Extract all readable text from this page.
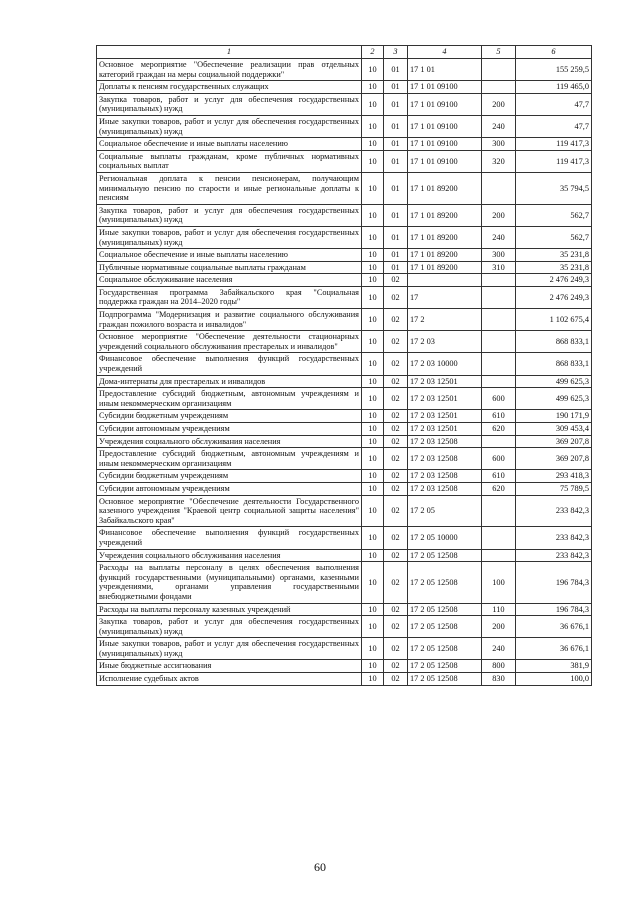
1	2	3	4	5	6
Основное мероприятие "Обеспечение реализации прав отдельных категорий граждан на меры социальной поддержки"	10	01	17 1 01		155 259,5
Доплаты к пенсиям государственных служащих	10	01	17 1 01 09100		119 465,0
Закупка товаров, работ и услуг для обеспечения государственных (муниципальных) нужд	10	01	17 1 01 09100	200	47,7
Иные закупки товаров, работ и услуг для обеспечения государственных (муниципальных) нужд	10	01	17 1 01 09100	240	47,7
Социальное обеспечение и иные выплаты населению	10	01	17 1 01 09100	300	119 417,3
Социальные выплаты гражданам, кроме публичных нормативных социальных выплат	10	01	17 1 01 09100	320	119 417,3
Региональная доплата к пенсии пенсионерам, получающим минимальную пенсию по старости и иные региональные доплаты к пенсиям	10	01	17 1 01 89200		35 794,5
Закупка товаров, работ и услуг для обеспечения государственных (муниципальных) нужд	10	01	17 1 01 89200	200	562,7
Иные закупки товаров, работ и услуг для обеспечения государственных (муниципальных) нужд	10	01	17 1 01 89200	240	562,7
Социальное обеспечение и иные выплаты населению	10	01	17 1 01 89200	300	35 231,8
Публичные нормативные социальные выплаты гражданам	10	01	17 1 01 89200	310	35 231,8
Социальное обслуживание населения	10	02			2 476 249,3
Государственная программа Забайкальского края "Социальная поддержка граждан на 2014–2020 годы"	10	02	17		2 476 249,3
Подпрограмма "Модернизация и развитие социального обслуживания граждан пожилого возраста и инвалидов"	10	02	17 2		1 102 675,4
Основное мероприятие "Обеспечение деятельности стационарных учреждений социального обслуживания престарелых и инвалидов"	10	02	17 2 03		868 833,1
Финансовое обеспечение выполнения функций государственных учреждений	10	02	17 2 03 10000		868 833,1
Дома-интернаты для престарелых и инвалидов	10	02	17 2 03 12501		499 625,3
Предоставление субсидий бюджетным, автономным учреждениям и иным некоммерческим организациям	10	02	17 2 03 12501	600	499 625,3
Субсидии бюджетным учреждениям	10	02	17 2 03 12501	610	190 171,9
Субсидии автономным учреждениям	10	02	17 2 03 12501	620	309 453,4
Учреждения социального обслуживания населения	10	02	17 2 03 12508		369 207,8
Предоставление субсидий бюджетным, автономным учреждениям и иным некоммерческим организациям	10	02	17 2 03 12508	600	369 207,8
Субсидии бюджетным учреждениям	10	02	17 2 03 12508	610	293 418,3
Субсидии автономным учреждениям	10	02	17 2 03 12508	620	75 789,5
Основное мероприятие "Обеспечение деятельности Государственного казенного учреждения "Краевой центр социальной защиты населения" Забайкальского края"	10	02	17 2 05		233 842,3
Финансовое обеспечение выполнения функций государственных учреждений	10	02	17 2 05 10000		233 842,3
Учреждения социального обслуживания населения	10	02	17 2 05 12508		233 842,3
Расходы на выплаты персоналу в целях обеспечения выполнения функций государственными (муниципальными) органами, казенными учреждениями, органами управления государственными внебюджетными фондами	10	02	17 2 05 12508	100	196 784,3
Расходы на выплаты персоналу казенных учреждений	10	02	17 2 05 12508	110	196 784,3
Закупка товаров, работ и услуг для обеспечения государственных (муниципальных) нужд	10	02	17 2 05 12508	200	36 676,1
Иные закупки товаров, работ и услуг для обеспечения государственных (муниципальных) нужд	10	02	17 2 05 12508	240	36 676,1
Иные бюджетные ассигнования	10	02	17 2 05 12508	800	381,9
Исполнение судебных актов	10	02	17 2 05 12508	830	100,0
60
